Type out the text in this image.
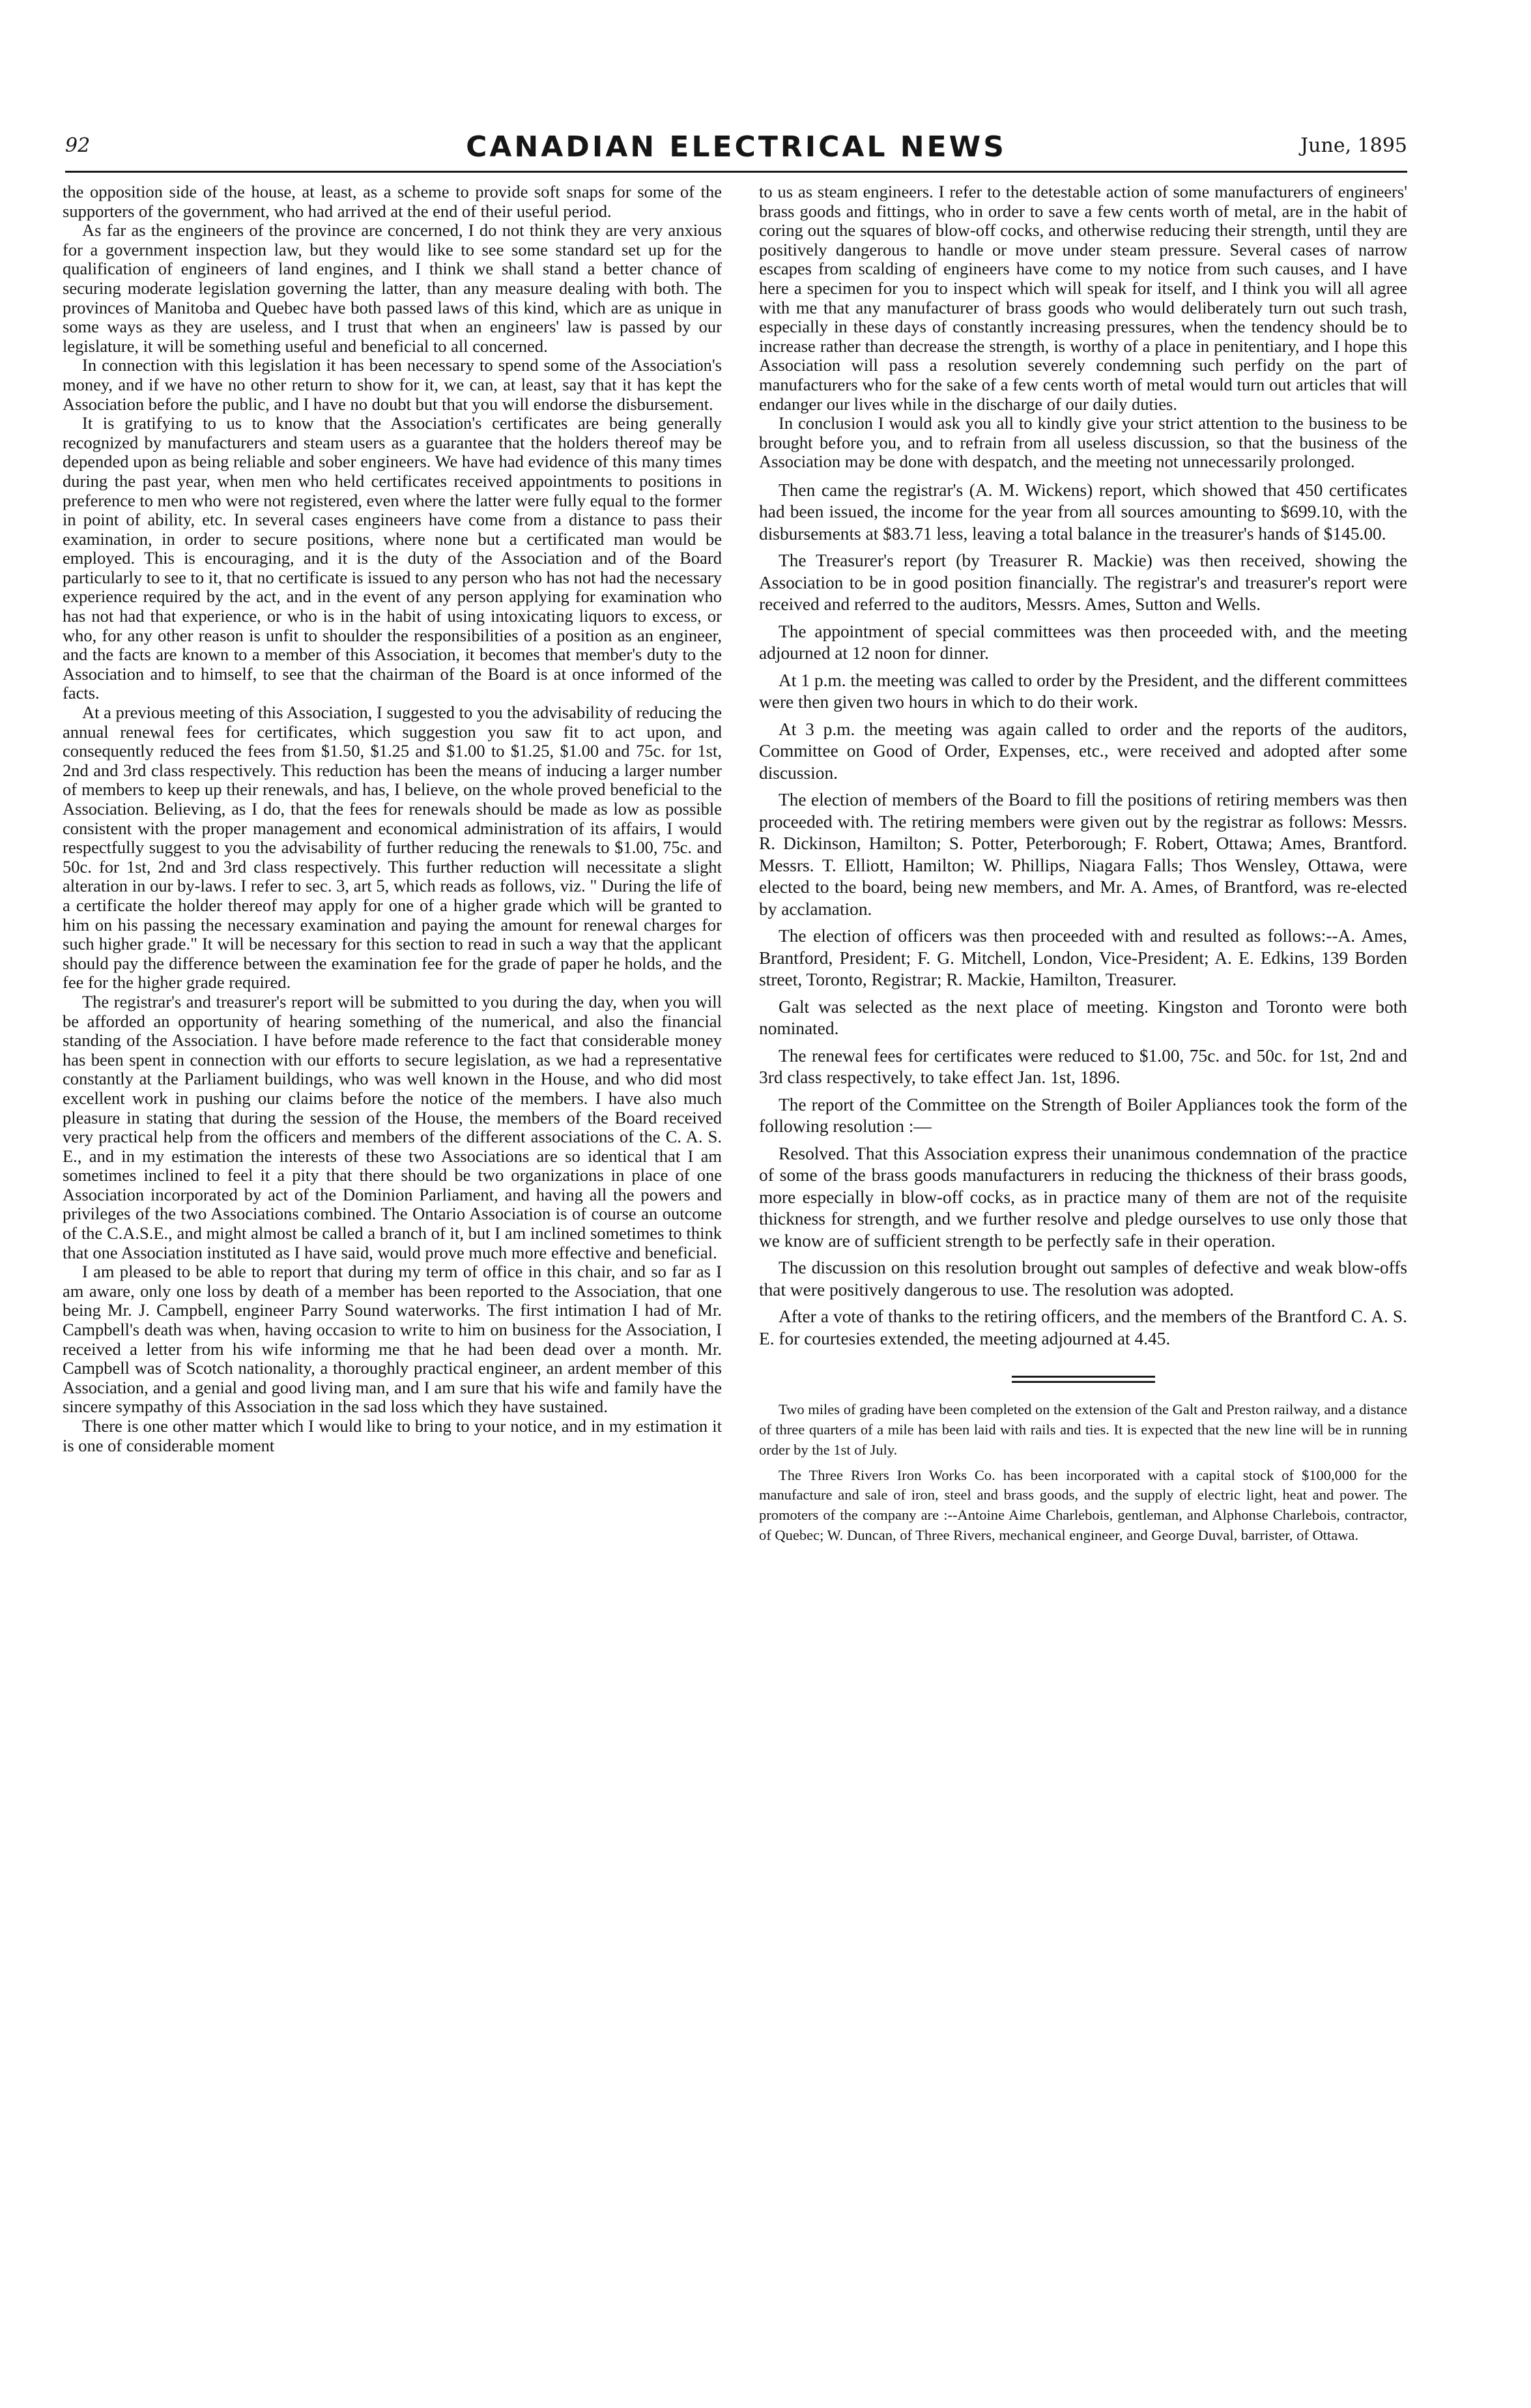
92	CANADIAN ELECTRICAL NEWS	June, 1895

the opposition side of the house, at least, as a scheme to provide soft snaps for some of the supporters of the government, who had arrived at the end of their useful period.

As far as the engineers of the province are concerned, I do not think they are very anxious for a government inspection law, but they would like to see some standard set up for the qualification of engineers of land engines, and I think we shall stand a better chance of securing moderate legislation governing the latter, than any measure dealing with both. The provinces of Manitoba and Quebec have both passed laws of this kind, which are as unique in some ways as they are useless, and I trust that when an engineers' law is passed by our legislature, it will be something useful and beneficial to all concerned.

In connection with this legislation it has been necessary to spend some of the Association's money, and if we have no other return to show for it, we can, at least, say that it has kept the Association before the public, and I have no doubt but that you will endorse the disbursement.

It is gratifying to us to know that the Association's certificates are being generally recognized by manufacturers and steam users as a guarantee that the holders thereof may be depended upon as being reliable and sober engineers. We have had evidence of this many times during the past year, when men who held certificates received appointments to positions in preference to men who were not registered, even where the latter were fully equal to the former in point of ability, etc. In several cases engineers have come from a distance to pass their examination, in order to secure positions, where none but a certificated man would be employed. This is encouraging, and it is the duty of the Association and of the Board particularly to see to it, that no certificate is issued to any person who has not had the necessary experience required by the act, and in the event of any person applying for examination who has not had that experience, or who is in the habit of using intoxicating liquors to excess, or who, for any other reason is unfit to shoulder the responsibilities of a position as an engineer, and the facts are known to a member of this Association, it becomes that member's duty to the Association and to himself, to see that the chairman of the Board is at once informed of the facts.

At a previous meeting of this Association, I suggested to you the advisability of reducing the annual renewal fees for certificates, which suggestion you saw fit to act upon, and consequently reduced the fees from $1.50, $1.25 and $1.00 to $1.25, $1.00 and 75c. for 1st, 2nd and 3rd class respectively. This reduction has been the means of inducing a larger number of members to keep up their renewals, and has, I believe, on the whole proved beneficial to the Association. Believing, as I do, that the fees for renewals should be made as low as possible consistent with the proper management and economical administration of its affairs, I would respectfully suggest to you the advisability of further reducing the renewals to $1.00, 75c. and 50c. for 1st, 2nd and 3rd class respectively. This further reduction will necessitate a slight alteration in our by-laws. I refer to sec. 3, art 5, which reads as follows, viz. " During the life of a certificate the holder thereof may apply for one of a higher grade which will be granted to him on his passing the necessary examination and paying the amount for renewal charges for such higher grade." It will be necessary for this section to read in such a way that the applicant should pay the difference between the examination fee for the grade of paper he holds, and the fee for the higher grade required.

The registrar's and treasurer's report will be submitted to you during the day, when you will be afforded an opportunity of hearing something of the numerical, and also the financial standing of the Association. I have before made reference to the fact that considerable money has been spent in connection with our efforts to secure legislation, as we had a representative constantly at the Parliament buildings, who was well known in the House, and who did most excellent work in pushing our claims before the notice of the members. I have also much pleasure in stating that during the session of the House, the members of the Board received very practical help from the officers and members of the different associations of the C. A. S. E., and in my estimation the interests of these two Associations are so identical that I am sometimes inclined to feel it a pity that there should be two organizations in place of one Association incorporated by act of the Dominion Parliament, and having all the powers and privileges of the two Associations combined. The Ontario Association is of course an outcome of the C.A.S.E., and might almost be called a branch of it, but I am inclined sometimes to think that one Association instituted as I have said, would prove much more effective and beneficial.

I am pleased to be able to report that during my term of office in this chair, and so far as I am aware, only one loss by death of a member has been reported to the Association, that one being Mr. J. Campbell, engineer Parry Sound waterworks. The first intimation I had of Mr. Campbell's death was when, having occasion to write to him on business for the Association, I received a letter from his wife informing me that he had been dead over a month. Mr. Campbell was of Scotch nationality, a thoroughly practical engineer, an ardent member of this Association, and a genial and good living man, and I am sure that his wife and family have the sincere sympathy of this Association in the sad loss which they have sustained.

There is one other matter which I would like to bring to your notice, and in my estimation it is one of considerable moment

to us as steam engineers. I refer to the detestable action of some manufacturers of engineers' brass goods and fittings, who in order to save a few cents worth of metal, are in the habit of coring out the squares of blow-off cocks, and otherwise reducing their strength, until they are positively dangerous to handle or move under steam pressure. Several cases of narrow escapes from scalding of engineers have come to my notice from such causes, and I have here a specimen for you to inspect which will speak for itself, and I think you will all agree with me that any manufacturer of brass goods who would deliberately turn out such trash, especially in these days of constantly increasing pressures, when the tendency should be to increase rather than decrease the strength, is worthy of a place in penitentiary, and I hope this Association will pass a resolution severely condemning such perfidy on the part of manufacturers who for the sake of a few cents worth of metal would turn out articles that will endanger our lives while in the discharge of our daily duties.

In conclusion I would ask you all to kindly give your strict attention to the business to be brought before you, and to refrain from all useless discussion, so that the business of the Association may be done with despatch, and the meeting not unnecessarily prolonged.

Then came the registrar's (A. M. Wickens) report, which showed that 450 certificates had been issued, the income for the year from all sources amounting to $699.10, with the disbursements at $83.71 less, leaving a total balance in the treasurer's hands of $145.00.

The Treasurer's report (by Treasurer R. Mackie) was then received, showing the Association to be in good position financially. The registrar's and treasurer's report were received and referred to the auditors, Messrs. Ames, Sutton and Wells.

The appointment of special committees was then proceeded with, and the meeting adjourned at 12 noon for dinner.

At 1 p.m. the meeting was called to order by the President, and the different committees were then given two hours in which to do their work.

At 3 p.m. the meeting was again called to order and the reports of the auditors, Committee on Good of Order, Expenses, etc., were received and adopted after some discussion.

The election of members of the Board to fill the positions of retiring members was then proceeded with. The retiring members were given out by the registrar as follows: Messrs. R. Dickinson, Hamilton; S. Potter, Peterborough; F. Robert, Ottawa; Ames, Brantford. Messrs. T. Elliott, Hamilton; W. Phillips, Niagara Falls; Thos Wensley, Ottawa, were elected to the board, being new members, and Mr. A. Ames, of Brantford, was re-elected by acclamation.

The election of officers was then proceeded with and resulted as follows:--A. Ames, Brantford, President; F. G. Mitchell, London, Vice-President; A. E. Edkins, 139 Borden street, Toronto, Registrar; R. Mackie, Hamilton, Treasurer.

Galt was selected as the next place of meeting. Kingston and Toronto were both nominated.

The renewal fees for certificates were reduced to $1.00, 75c. and 50c. for 1st, 2nd and 3rd class respectively, to take effect Jan. 1st, 1896.

The report of the Committee on the Strength of Boiler Appliances took the form of the following resolution :—

Resolved. That this Association express their unanimous condemnation of the practice of some of the brass goods manufacturers in reducing the thickness of their brass goods, more especially in blow-off cocks, as in practice many of them are not of the requisite thickness for strength, and we further resolve and pledge ourselves to use only those that we know are of sufficient strength to be perfectly safe in their operation.

The discussion on this resolution brought out samples of defective and weak blow-offs that were positively dangerous to use. The resolution was adopted.

After a vote of thanks to the retiring officers, and the members of the Brantford C. A. S. E. for courtesies extended, the meeting adjourned at 4.45.

Two miles of grading have been completed on the extension of the Galt and Preston railway, and a distance of three quarters of a mile has been laid with rails and ties. It is expected that the new line will be in running order by the 1st of July.

The Three Rivers Iron Works Co. has been incorporated with a capital stock of $100,000 for the manufacture and sale of iron, steel and brass goods, and the supply of electric light, heat and power. The promoters of the company are :--Antoine Aime Charlebois, gentleman, and Alphonse Charlebois, contractor, of Quebec; W. Duncan, of Three Rivers, mechanical engineer, and George Duval, barrister, of Ottawa.
